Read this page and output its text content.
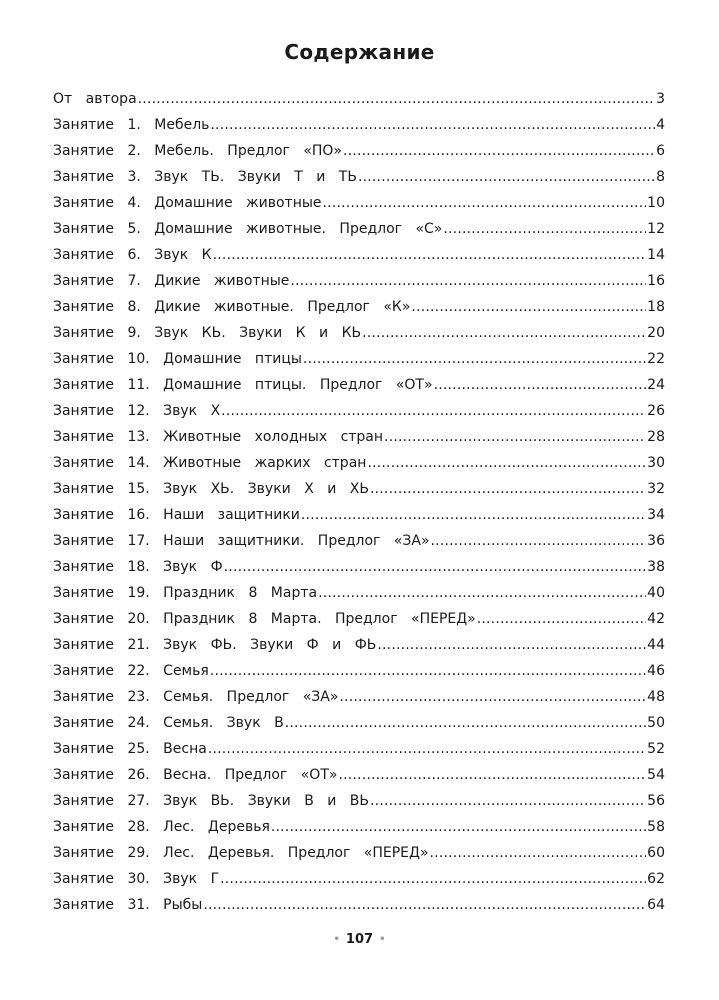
Содержание
От автора .....	3
Занятие 1. Мебель .....	4
Занятие 2. Мебель. Предлог «ПО» .....	6
Занятие 3. Звук ТЬ. Звуки Т и ТЬ .....	8
Занятие 4. Домашние животные .....	10
Занятие 5. Домашние животные. Предлог «С» .....	12
Занятие 6. Звук К .....	14
Занятие 7. Дикие животные .....	16
Занятие 8. Дикие животные. Предлог «К» .....	18
Занятие 9. Звук КЬ. Звуки К и КЬ .....	20
Занятие 10. Домашние птицы .....	22
Занятие 11. Домашние птицы. Предлог «ОТ» .....	24
Занятие 12. Звук Х .....	26
Занятие 13. Животные холодных стран .....	28
Занятие 14. Животные жарких стран .....	30
Занятие 15. Звук ХЬ. Звуки Х и ХЬ .....	32
Занятие 16. Наши защитники .....	34
Занятие 17. Наши защитники. Предлог «ЗА» .....	36
Занятие 18. Звук Ф .....	38
Занятие 19. Праздник 8 Марта .....	40
Занятие 20. Праздник 8 Марта. Предлог «ПЕРЕД» .....	42
Занятие 21. Звук ФЬ. Звуки Ф и ФЬ .....	44
Занятие 22. Семья .....	46
Занятие 23. Семья. Предлог «ЗА» .....	48
Занятие 24. Семья. Звук В .....	50
Занятие 25. Весна .....	52
Занятие 26. Весна. Предлог «ОТ» .....	54
Занятие 27. Звук ВЬ. Звуки В и ВЬ .....	56
Занятие 28. Лес. Деревья .....	58
Занятие 29. Лес. Деревья. Предлог «ПЕРЕД» .....	60
Занятие 30. Звук Г .....	62
Занятие 31. Рыбы .....	64
• 107 •
